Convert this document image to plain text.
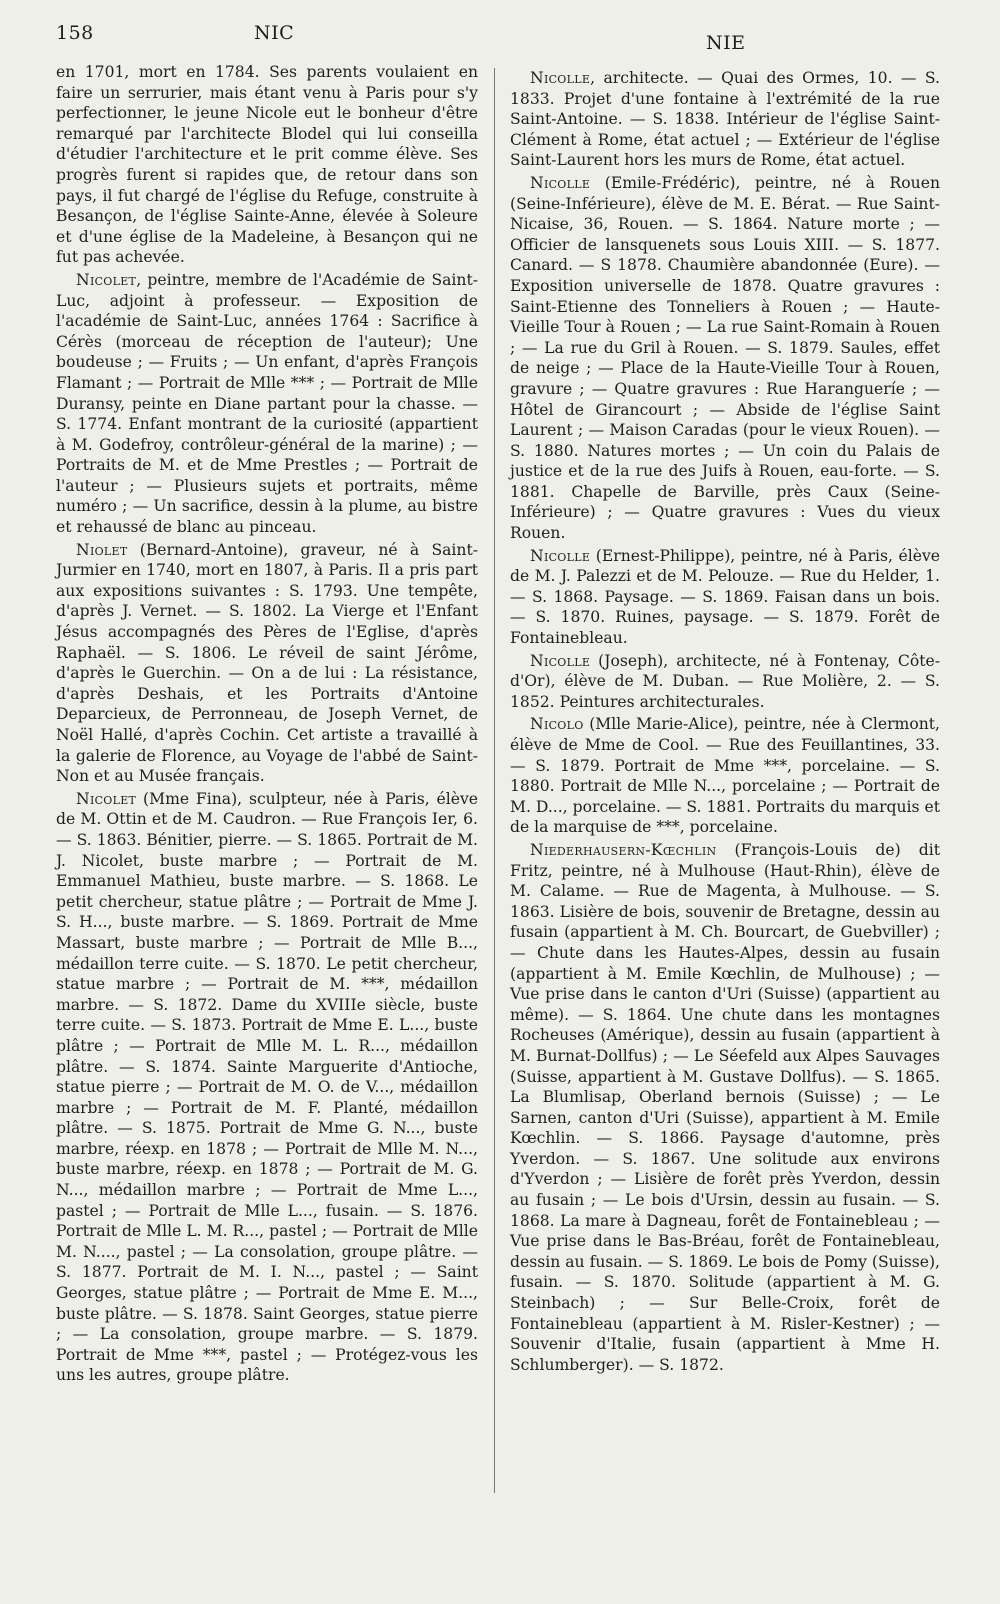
158	NIC	NIE

en 1701, mort en 1784. Ses parents voulaient en faire un serrurier, mais étant venu à Paris pour s'y perfectionner, le jeune Nicole eut le bonheur d'être remarqué par l'architecte Blodel qui lui conseilla d'étudier l'architecture et le prit comme élève. Ses progrès furent si rapides que, de retour dans son pays, il fut chargé de l'église du Refuge, construite à Besançon, de l'église Sainte-Anne, élevée à Soleure et d'une église de la Madeleine, à Besançon qui ne fut pas achevée.

Nicolet, peintre, membre de l'Académie de Saint-Luc, adjoint à professeur. — Exposition de l'académie de Saint-Luc, années 1764 : Sacrifice à Cérès (morceau de réception de l'auteur); Une boudeuse ; — Fruits ; — Un enfant, d'après François Flamant ; — Portrait de Mlle *** ; — Portrait de Mlle Duransy, peinte en Diane partant pour la chasse. — S. 1774. Enfant montrant de la curiosité (appartient à M. Godefroy, contrôleur-général de la marine) ; — Portraits de M. et de Mme Prestles ; — Portrait de l'auteur ; — Plusieurs sujets et portraits, même numéro ; — Un sacrifice, dessin à la plume, au bistre et rehaussé de blanc au pinceau.

Niolet (Bernard-Antoine), graveur, né à Saint-Jurmier en 1740, mort en 1807, à Paris. Il a pris part aux expositions suivantes : S. 1793. Une tempête, d'après J. Vernet. — S. 1802. La Vierge et l'Enfant Jésus accompagnés des Pères de l'Eglise, d'après Raphaël. — S. 1806. Le réveil de saint Jérôme, d'après le Guerchin. — On a de lui : La résistance, d'après Deshais, et les Portraits d'Antoine Deparcieux, de Perronneau, de Joseph Vernet, de Noël Hallé, d'après Cochin. Cet artiste a travaillé à la galerie de Florence, au Voyage de l'abbé de Saint-Non et au Musée français.

Nicolet (Mme Fina), sculpteur, née à Paris, élève de M. Ottin et de M. Caudron. — Rue François Ier, 6. — S. 1863. Bénitier, pierre. — S. 1865. Portrait de M. J. Nicolet, buste marbre ; — Portrait de M. Emmanuel Mathieu, buste marbre. — S. 1868. Le petit chercheur, statue plâtre ; — Portrait de Mme J. S. H..., buste marbre. — S. 1869. Portrait de Mme Massart, buste marbre ; — Portrait de Mlle B..., médaillon terre cuite. — S. 1870. Le petit chercheur, statue marbre ; — Portrait de M. ***, médaillon marbre. — S. 1872. Dame du XVIIIe siècle, buste terre cuite. — S. 1873. Portrait de Mme E. L..., buste plâtre ; — Portrait de Mlle M. L. R..., médaillon plâtre. — S. 1874. Sainte Marguerite d'Antioche, statue pierre ; — Portrait de M. O. de V..., médaillon marbre ; — Portrait de M. F. Planté, médaillon plâtre. — S. 1875. Portrait de Mme G. N..., buste marbre, réexp. en 1878 ; — Portrait de Mlle M. N..., buste marbre, réexp. en 1878 ; — Portrait de M. G. N..., médaillon marbre ; — Portrait de Mme L..., pastel ; — Portrait de Mlle L..., fusain. — S. 1876. Portrait de Mlle L. M. R..., pastel ; — Portrait de Mlle M. N...., pastel ; — La consolation, groupe plâtre. — S. 1877. Portrait de M. I. N..., pastel ; — Saint Georges, statue plâtre ; — Portrait de Mme E. M..., buste plâtre. — S. 1878. Saint Georges, statue pierre ; — La consolation, groupe marbre. — S. 1879. Portrait de Mme ***, pastel ; — Protégez-vous les uns les autres, groupe plâtre.

Nicolle, architecte. — Quai des Ormes, 10. — S. 1833. Projet d'une fontaine à l'extrémité de la rue Saint-Antoine. — S. 1838. Intérieur de l'église Saint-Clément à Rome, état actuel ; — Extérieur de l'église Saint-Laurent hors les murs de Rome, état actuel.

Nicolle (Emile-Frédéric), peintre, né à Rouen (Seine-Inférieure), élève de M. E. Bérat. — Rue Saint-Nicaise, 36, Rouen. — S. 1864. Nature morte ; — Officier de lansquenets sous Louis XIII. — S. 1877. Canard. — S 1878. Chaumière abandonnée (Eure). — Exposition universelle de 1878. Quatre gravures : Saint-Etienne des Tonneliers à Rouen ; — Haute-Vieille Tour à Rouen ; — La rue Saint-Romain à Rouen ; — La rue du Gril à Rouen. — S. 1879. Saules, effet de neige ; — Place de la Haute-Vieille Tour à Rouen, gravure ; — Quatre gravures : Rue Harangueríe ; — Hôtel de Girancourt ; — Abside de l'église Saint Laurent ; — Maison Caradas (pour le vieux Rouen). — S. 1880. Natures mortes ; — Un coin du Palais de justice et de la rue des Juifs à Rouen, eau-forte. — S. 1881. Chapelle de Barville, près Caux (Seine-Inférieure) ; — Quatre gravures : Vues du vieux Rouen.

Nicolle (Ernest-Philippe), peintre, né à Paris, élève de M. J. Palezzi et de M. Pelouze. — Rue du Helder, 1. — S. 1868. Paysage. — S. 1869. Faisan dans un bois. — S. 1870. Ruines, paysage. — S. 1879. Forêt de Fontainebleau.

Nicolle (Joseph), architecte, né à Fontenay, Côte-d'Or), élève de M. Duban. — Rue Molière, 2. — S. 1852. Peintures architecturales.

Nicolo (Mlle Marie-Alice), peintre, née à Clermont, élève de Mme de Cool. — Rue des Feuillantines, 33. — S. 1879. Portrait de Mme ***, porcelaine. — S. 1880. Portrait de Mlle N..., porcelaine ; — Portrait de M. D..., porcelaine. — S. 1881. Portraits du marquis et de la marquise de ***, porcelaine.

Niederhausern-Kœchlin (François-Louis de) dit Fritz, peintre, né à Mulhouse (Haut-Rhin), élève de M. Calame. — Rue de Magenta, à Mulhouse. — S. 1863. Lisière de bois, souvenir de Bretagne, dessin au fusain (appartient à M. Ch. Bourcart, de Guebviller) ; — Chute dans les Hautes-Alpes, dessin au fusain (appartient à M. Emile Kœchlin, de Mulhouse) ; — Vue prise dans le canton d'Uri (Suisse) (appartient au même). — S. 1864. Une chute dans les montagnes Rocheuses (Amérique), dessin au fusain (appartient à M. Burnat-Dollfus) ; — Le Séefeld aux Alpes Sauvages (Suisse, appartient à M. Gustave Dollfus). — S. 1865. La Blumlisap, Oberland bernois (Suisse) ; — Le Sarnen, canton d'Uri (Suisse), appartient à M. Emile Kœchlin. — S. 1866. Paysage d'automne, près Yverdon. — S. 1867. Une solitude aux environs d'Yverdon ; — Lisière de forêt près Yverdon, dessin au fusain ; — Le bois d'Ursin, dessin au fusain. — S. 1868. La mare à Dagneau, forêt de Fontainebleau ; — Vue prise dans le Bas-Bréau, forêt de Fontainebleau, dessin au fusain. — S. 1869. Le bois de Pomy (Suisse), fusain. — S. 1870. Solitude (appartient à M. G. Steinbach) ; — Sur Belle-Croix, forêt de Fontainebleau (appartient à M. Risler-Kestner) ; — Souvenir d'Italie, fusain (appartient à Mme H. Schlumberger). — S. 1872.
